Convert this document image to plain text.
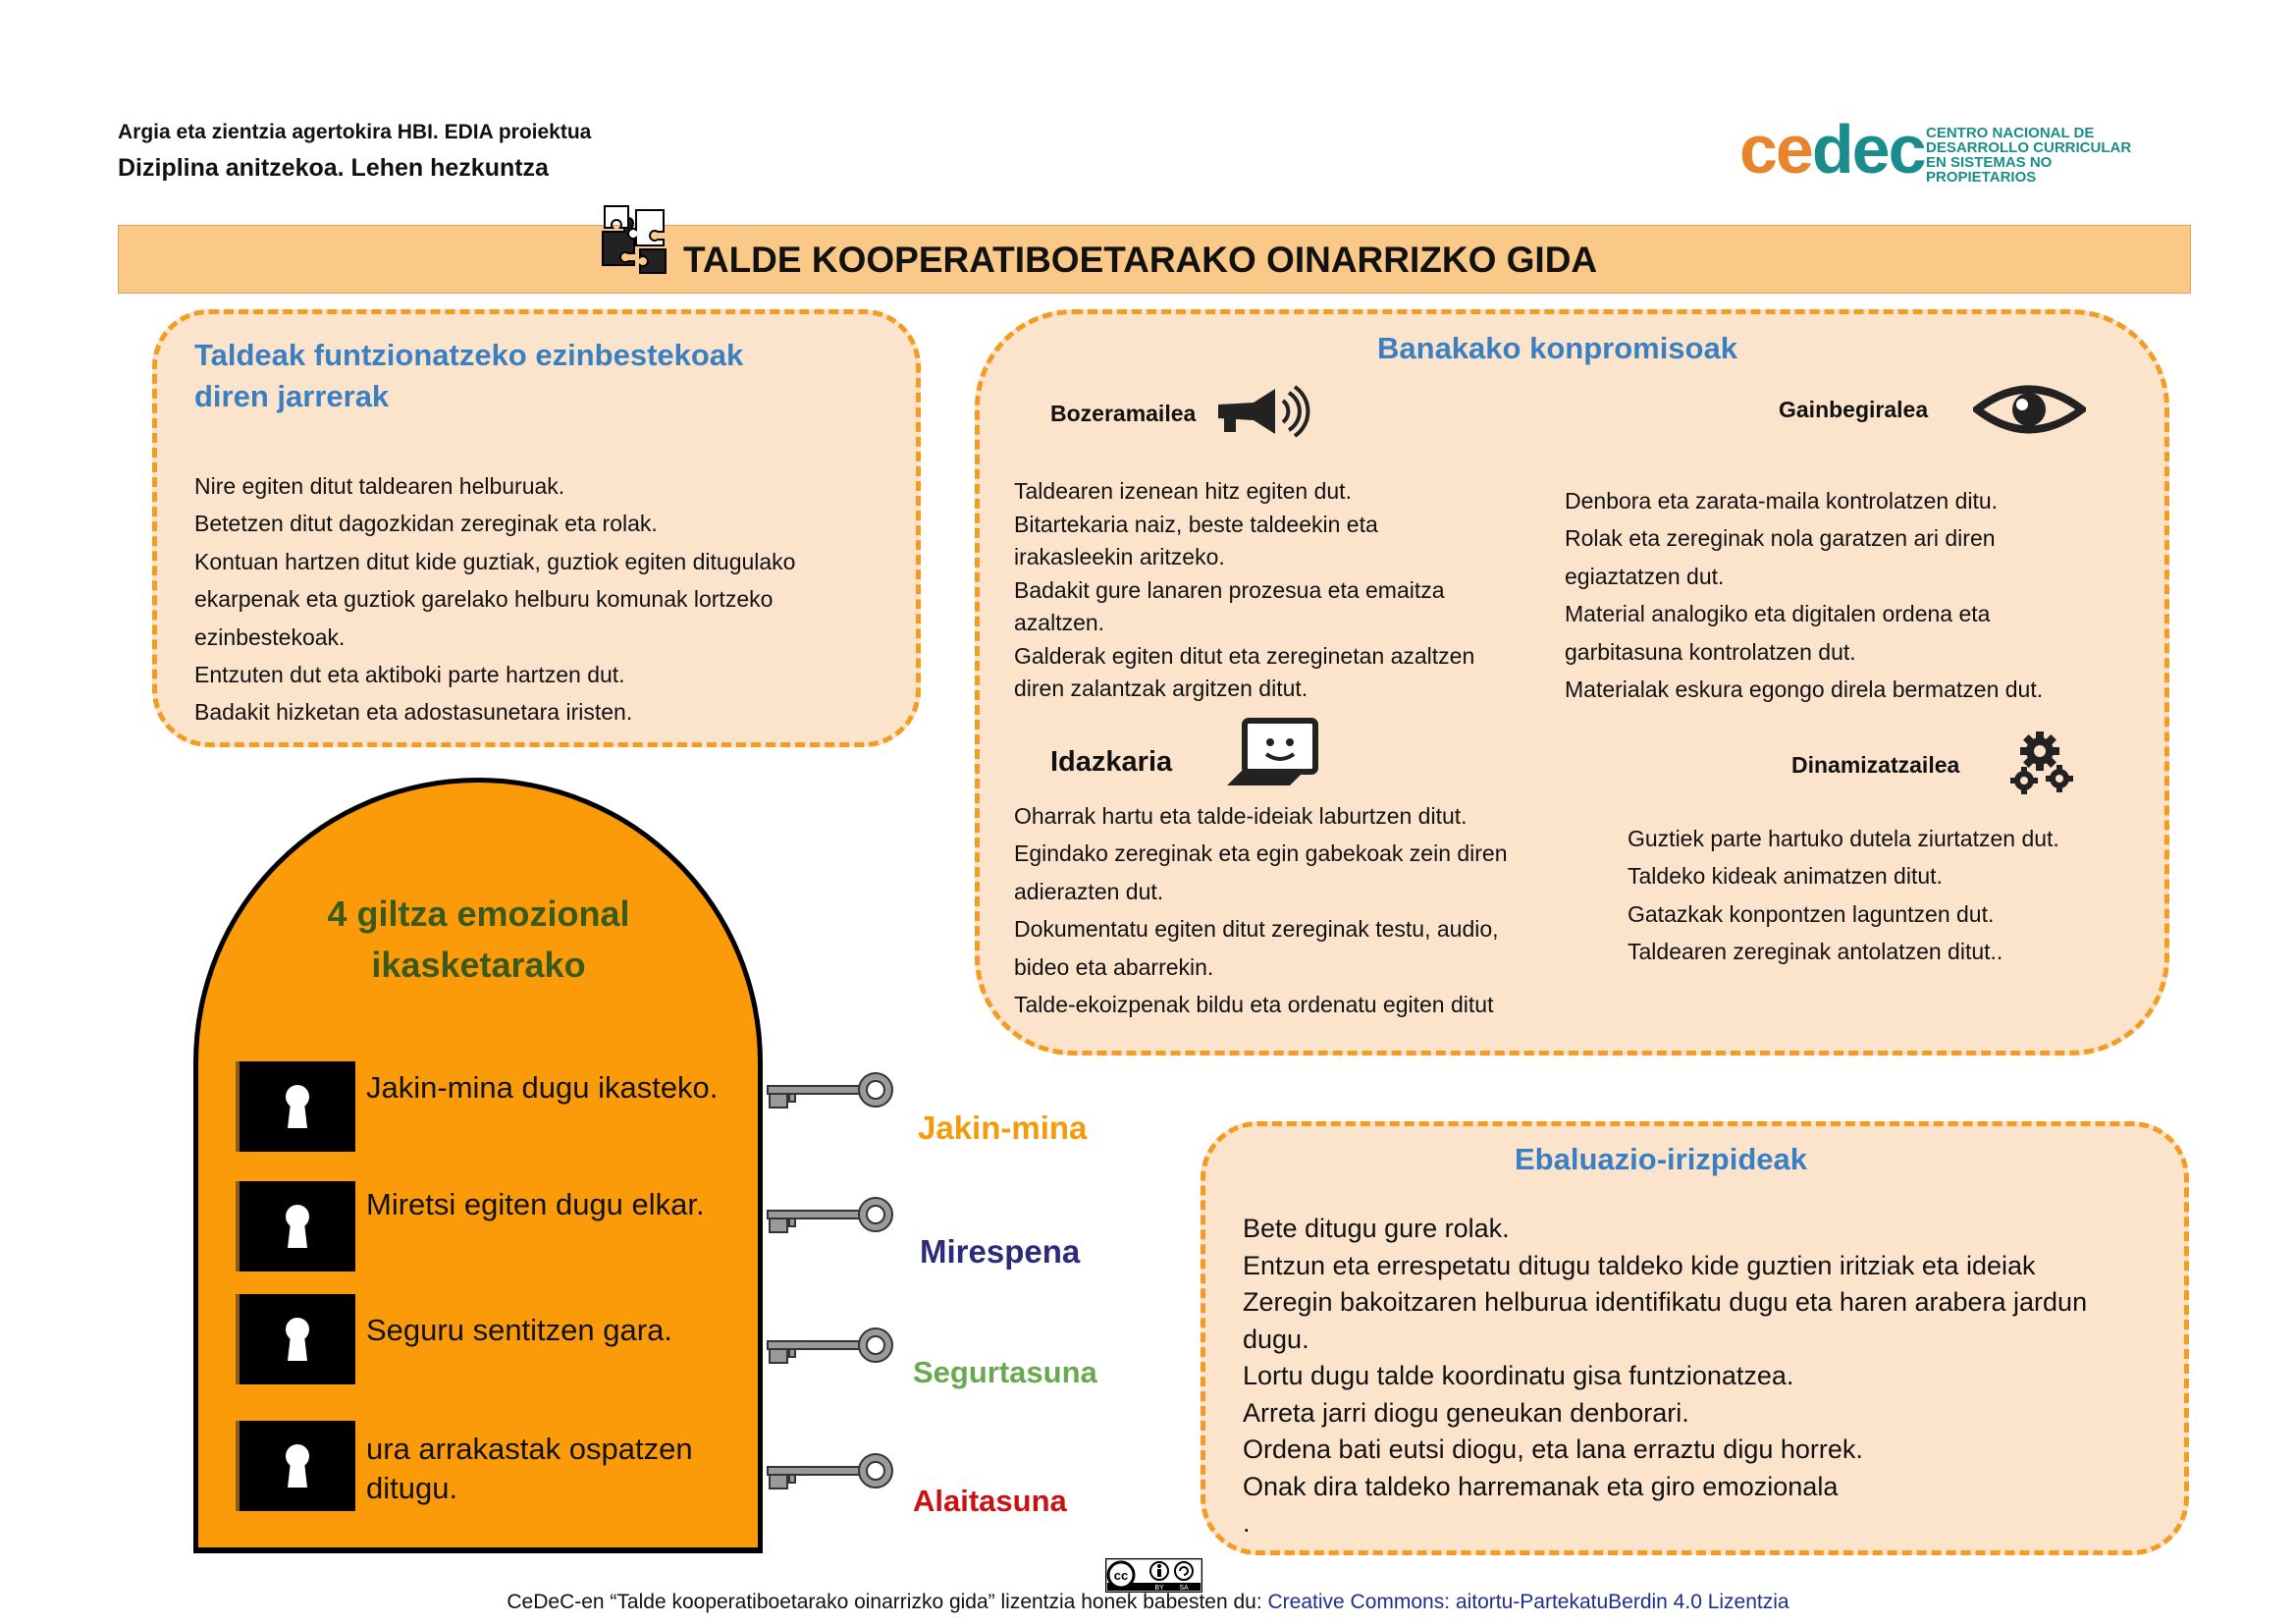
Argia eta zientzia agertokira HBI. EDIA proiektua
Diziplina anitzekoa. Lehen hezkuntza	cedec CENTRO NACIONAL DE
DESARROLLO CURRICULAR
EN SISTEMAS NO PROPIETARIOS
TALDE KOOPERATIBOETARAKO OINARRIZKO GIDA
Taldeak funtzionatzeko ezinbestekoak
diren jarrerak
Nire egiten ditut taldearen helburuak.
Betetzen ditut dagozkidan zereginak eta rolak.
Kontuan hartzen ditut kide guztiak, guztiok egiten ditugulako
ekarpenak eta guztiok garelako helburu komunak lortzeko
ezinbestekoak.
Entzuten dut eta aktiboki parte hartzen dut.
Badakit hizketan eta adostasunetara iristen.
Banakako konpromisoak
Bozeramailea
Taldearen izenean hitz egiten dut.
Bitartekaria naiz, beste taldeekin eta
irakasleekin aritzeko.
Badakit gure lanaren prozesua eta emaitza
azaltzen.
Galderak egiten ditut eta zereginetan azaltzen
diren zalantzak argitzen ditut.
Gainbegiralea
Denbora eta zarata-maila kontrolatzen ditu.
Rolak eta zereginak nola garatzen ari diren
egiaztatzen dut.
Material analogiko eta digitalen ordena eta
garbitasuna kontrolatzen dut.
Materialak eskura egongo direla bermatzen dut.
Idazkaria
Oharrak hartu eta talde-ideiak laburtzen ditut.
Egindako zereginak eta egin gabekoak zein diren
adierazten dut.
Dokumentatu egiten ditut zereginak testu, audio,
bideo eta abarrekin.
Talde-ekoizpenak bildu eta ordenatu egiten ditut
Dinamizatzailea
Guztiek parte hartuko dutela ziurtatzen dut.
Taldeko kideak animatzen ditut.
Gatazkak konpontzen laguntzen dut.
Taldearen zereginak antolatzen ditut..
4 giltza emozional
ikasketarako
Jakin-mina dugu ikasteko.
Miretsi egiten dugu elkar.
Seguru sentitzen gara.
ura arrakastak ospatzen
ditugu.
Jakin-mina
Mirespena
Segurtasuna
Alaitasuna
Ebaluazio-irizpideak
Bete ditugu gure rolak.
Entzun eta errespetatu ditugu taldeko kide guztien iritziak eta ideiak
Zeregin bakoitzaren helburua identifikatu dugu eta haren arabera jardun
dugu.
Lortu dugu talde koordinatu gisa funtzionatzea.
Arreta jarri diogu geneukan denborari.
Ordena bati eutsi diogu, eta lana erraztu digu horrek.
Onak dira taldeko harremanak eta giro emozionala
.
cc
BY SA
CeDeC-en “Talde kooperatiboetarako oinarrizko gida” lizentzia honek babesten du: Creative Commons: aitortu-PartekatuBerdin 4.0 Lizentzia
